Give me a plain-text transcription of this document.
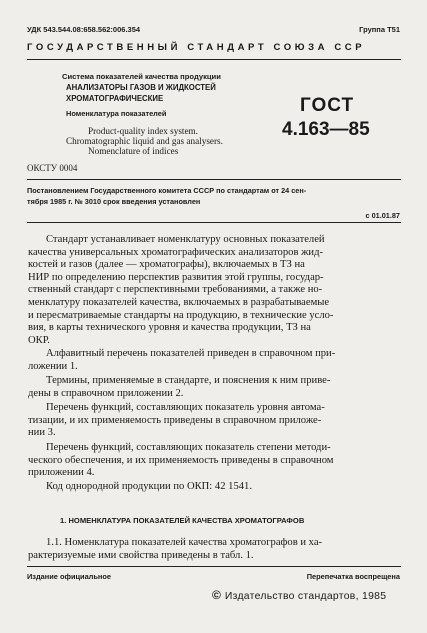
УДК 543.544.08:658.562:006.354	Группа Т51
ГОСУДАРСТВЕННЫЙ СТАНДАРТ СОЮЗА ССР
Система показателей качества продукции
АНАЛИЗАТОРЫ ГАЗОВ И ЖИДКОСТЕЙ
ХРОМАТОГРАФИЧЕСКИЕ
Номенклатура показателей
Product-quality index system.
Chromatographic liquid and gas analysers.
Nomenclature of indices
ОКСТУ 0004
ГОСТ
4.163—85
Постановлением Государственного комитета СССР по стандартам от 24 сен-
тября 1985 г. № 3010 срок введения установлен
с 01.01.87
Стандарт устанавливает номенклатуру основных показателей
качества универсальных хроматографических анализаторов жид-
костей и газов (далее — хроматографы), включаемых в ТЗ на
НИР по определению перспектив развития этой группы, государ-
ственный стандарт с перспективными требованиями, а также но-
менклатуру показателей качества, включаемых в разрабатываемые
и пересматриваемые стандарты на продукцию, в технические усло-
вия, в карты технического уровня и качества продукции, ТЗ на
ОКР.
Алфавитный перечень показателей приведен в справочном при-
ложении 1.
Термины, применяемые в стандарте, и пояснения к ним приве-
дены в справочном приложении 2.
Перечень функций, составляющих показатель уровня автома-
тизации, и их применяемость приведены в справочном приложе-
нии 3.
Перечень функций, составляющих показатель степени методи-
ческого обеспечения, и их применяемость приведены в справочном
приложении 4.
Код однородной продукции по ОКП: 42 1541.
1. НОМЕНКЛАТУРА ПОКАЗАТЕЛЕЙ КАЧЕСТВА ХРОМАТОГРАФОВ
1.1. Номенклатура показателей качества хроматографов и ха-
рактеризуемые ими свойства приведены в табл. 1.
Издание официальное	Перепечатка воспрещена
© Издательство стандартов, 1985
